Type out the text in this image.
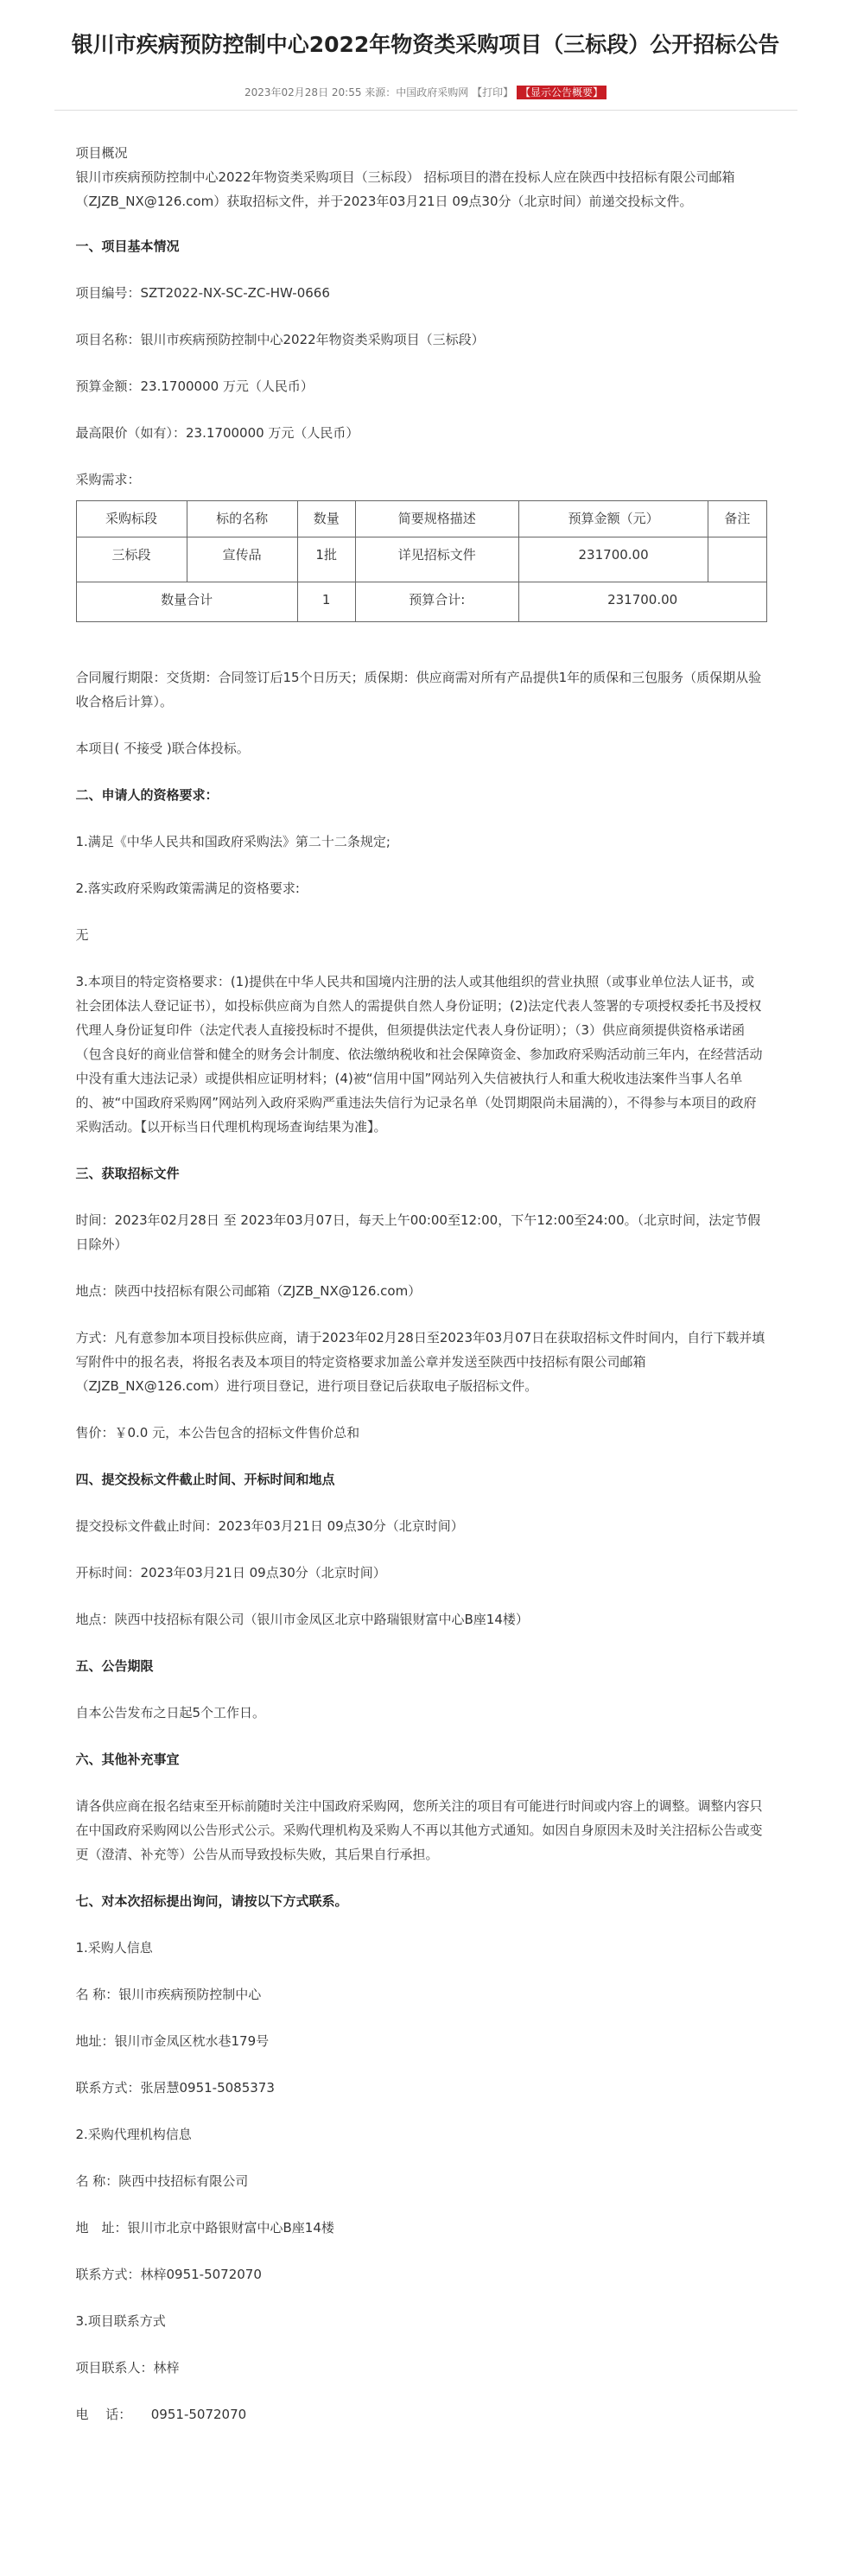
银川市疾病预防控制中心2022年物资类采购项目（三标段）公开招标公告
2023年02月28日 20:55 来源：中国政府采购网 【打印】 【显示公告概要】

项目概况

银川市疾病预防控制中心2022年物资类采购项目（三标段） 招标项目的潜在投标人应在陕西中技招标有限公司邮箱（ZJZB_NX@126.com）获取招标文件，并于2023年03月21日 09点30分（北京时间）前递交投标文件。

一、项目基本情况

项目编号：SZT2022-NX-SC-ZC-HW-0666

项目名称：银川市疾病预防控制中心2022年物资类采购项目（三标段）

预算金额：23.1700000 万元（人民币）

最高限价（如有）：23.1700000 万元（人民币）

采购需求：

采购标段	标的名称	数量	简要规格描述	预算金额（元）	备注
三标段	宣传品	1批	详见招标文件	231700.00	
数量合计		1	预算合计:	231700.00	

合同履行期限：交货期：合同签订后15个日历天；质保期：供应商需对所有产品提供1年的质保和三包服务（质保期从验收合格后计算）。

本项目( 不接受 )联合体投标。

二、申请人的资格要求：

1.满足《中华人民共和国政府采购法》第二十二条规定;

2.落实政府采购政策需满足的资格要求:

无

3.本项目的特定资格要求：(1)提供在中华人民共和国境内注册的法人或其他组织的营业执照（或事业单位法人证书，或社会团体法人登记证书），如投标供应商为自然人的需提供自然人身份证明；(2)法定代表人签署的专项授权委托书及授权代理人身份证复印件（法定代表人直接投标时不提供，但须提供法定代表人身份证明）；（3）供应商须提供资格承诺函（包含良好的商业信誉和健全的财务会计制度、依法缴纳税收和社会保障资金、参加政府采购活动前三年内，在经营活动中没有重大违法记录）或提供相应证明材料；(4)被“信用中国”网站列入失信被执行人和重大税收违法案件当事人名单的、被“中国政府采购网”网站列入政府采购严重违法失信行为记录名单（处罚期限尚未届满的），不得参与本项目的政府采购活动。【以开标当日代理机构现场查询结果为准】。

三、获取招标文件

时间：2023年02月28日 至 2023年03月07日，每天上午00:00至12:00，下午12:00至24:00。（北京时间，法定节假日除外）

地点：陕西中技招标有限公司邮箱（ZJZB_NX@126.com）

方式：凡有意参加本项目投标供应商，请于2023年02月28日至2023年03月07日在获取招标文件时间内，自行下载并填写附件中的报名表，将报名表及本项目的特定资格要求加盖公章并发送至陕西中技招标有限公司邮箱（ZJZB_NX@126.com）进行项目登记，进行项目登记后获取电子版招标文件。

售价：￥0.0 元，本公告包含的招标文件售价总和

四、提交投标文件截止时间、开标时间和地点

提交投标文件截止时间：2023年03月21日 09点30分（北京时间）

开标时间：2023年03月21日 09点30分（北京时间）

地点：陕西中技招标有限公司（银川市金凤区北京中路瑞银财富中心B座14楼）

五、公告期限

自本公告发布之日起5个工作日。

六、其他补充事宜

请各供应商在报名结束至开标前随时关注中国政府采购网，您所关注的项目有可能进行时间或内容上的调整。调整内容只在中国政府采购网以公告形式公示。采购代理机构及采购人不再以其他方式通知。如因自身原因未及时关注招标公告或变更（澄清、补充等）公告从而导致投标失败，其后果自行承担。

七、对本次招标提出询问，请按以下方式联系。

1.采购人信息

名 称：银川市疾病预防控制中心

地址：银川市金凤区枕水巷179号

联系方式：张居慧0951-5085373

2.采购代理机构信息

名 称：陕西中技招标有限公司

地　址：银川市北京中路银财富中心B座14楼

联系方式：林梓0951-5072070

3.项目联系方式

项目联系人：林梓

电　 话：　　0951-5072070
